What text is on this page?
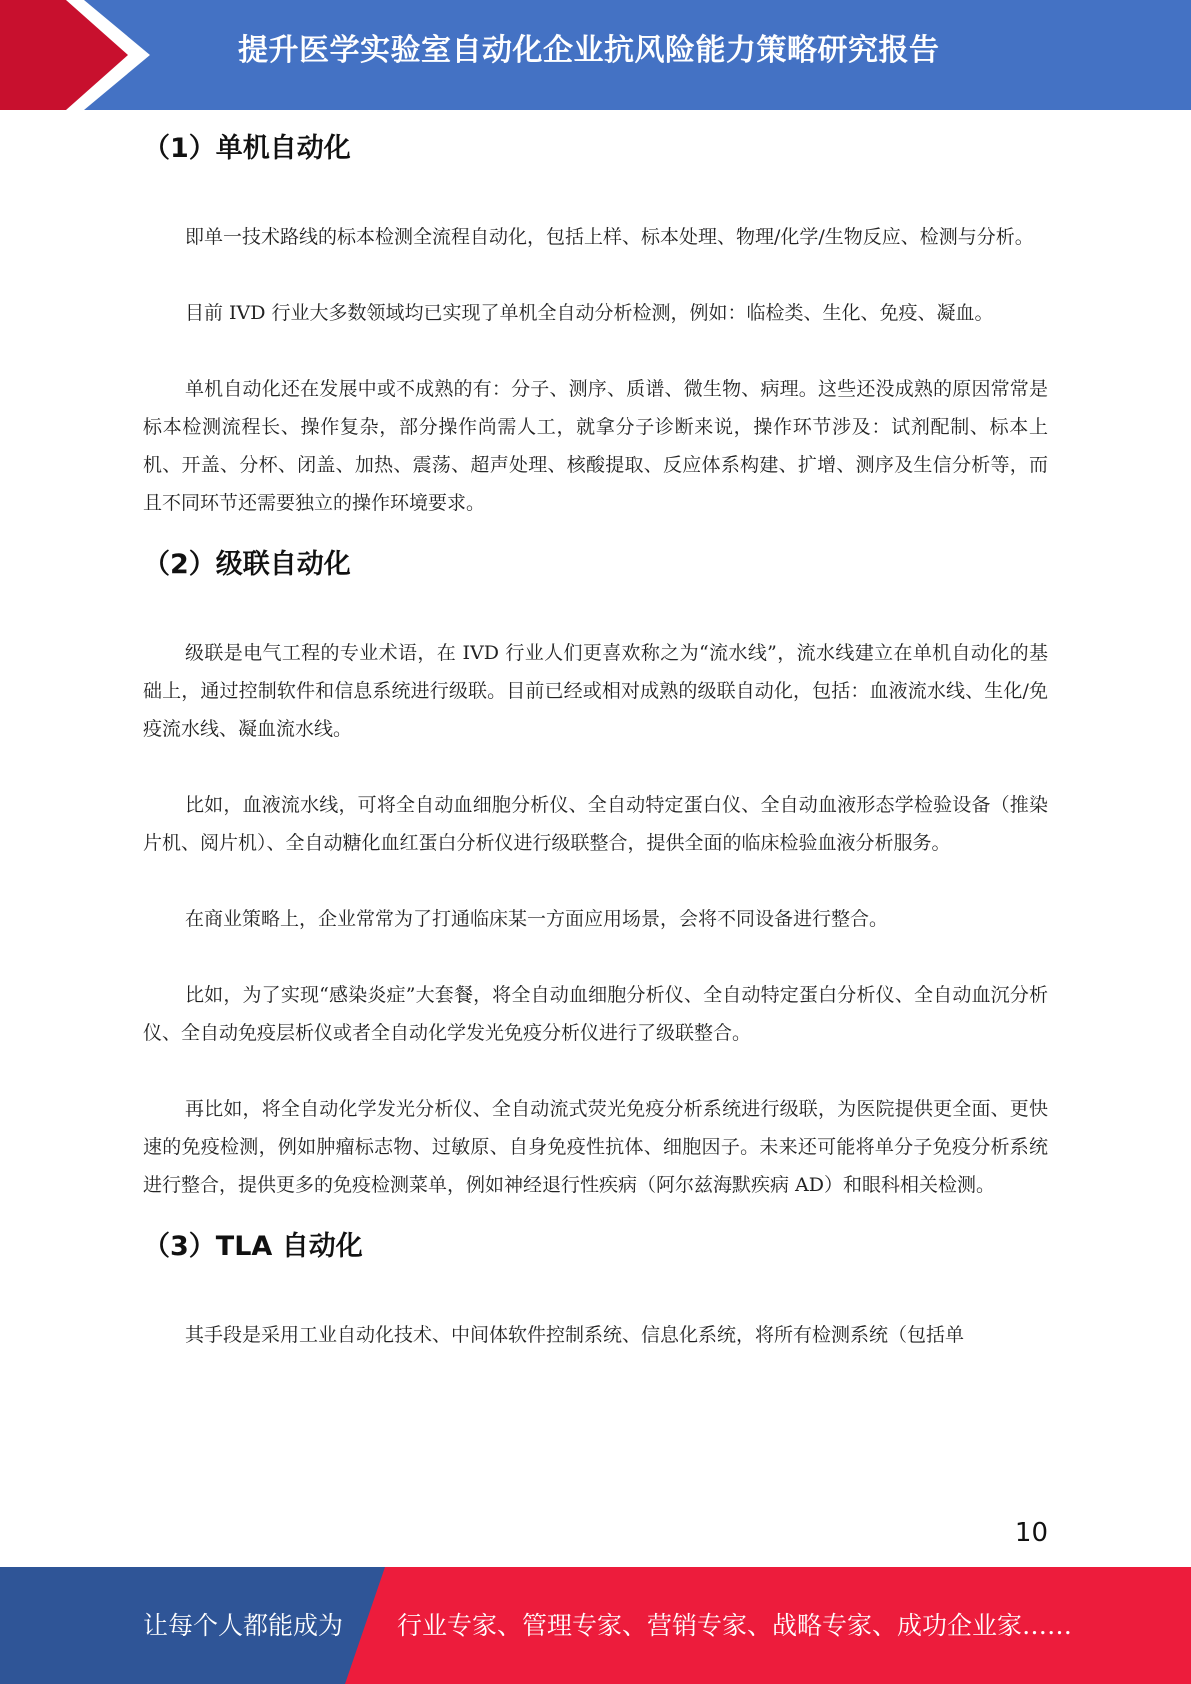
提升医学实验室自动化企业抗风险能力策略研究报告
（1）单机自动化

即单一技术路线的标本检测全流程自动化，包括上样、标本处理、物理/化学/生物反应、检测与分析。

目前 IVD 行业大多数领域均已实现了单机全自动分析检测，例如：临检类、生化、免疫、凝血。

单机自动化还在发展中或不成熟的有：分子、测序、质谱、微生物、病理。这些还没成熟的原因常常是标本检测流程长、操作复杂，部分操作尚需人工，就拿分子诊断来说，操作环节涉及：试剂配制、标本上机、开盖、分杯、闭盖、加热、震荡、超声处理、核酸提取、反应体系构建、扩增、测序及生信分析等，而且不同环节还需要独立的操作环境要求。

（2）级联自动化

级联是电气工程的专业术语，在 IVD 行业人们更喜欢称之为“流水线”，流水线建立在单机自动化的基础上，通过控制软件和信息系统进行级联。目前已经或相对成熟的级联自动化，包括：血液流水线、生化/免疫流水线、凝血流水线。

比如，血液流水线，可将全自动血细胞分析仪、全自动特定蛋白仪、全自动血液形态学检验设备（推染片机、阅片机）、全自动糖化血红蛋白分析仪进行级联整合，提供全面的临床检验血液分析服务。

在商业策略上，企业常常为了打通临床某一方面应用场景，会将不同设备进行整合。

比如，为了实现“感染炎症”大套餐，将全自动血细胞分析仪、全自动特定蛋白分析仪、全自动血沉分析仪、全自动免疫层析仪或者全自动化学发光免疫分析仪进行了级联整合。

再比如，将全自动化学发光分析仪、全自动流式荧光免疫分析系统进行级联，为医院提供更全面、更快速的免疫检测，例如肿瘤标志物、过敏原、自身免疫性抗体、细胞因子。未来还可能将单分子免疫分析系统进行整合，提供更多的免疫检测菜单，例如神经退行性疾病（阿尔兹海默疾病 AD）和眼科相关检测。

（3）TLA 自动化

其手段是采用工业自动化技术、中间体软件控制系统、信息化系统，将所有检测系统（包括单

10
让每个人都能成为 行业专家、管理专家、营销专家、战略专家、成功企业家……
